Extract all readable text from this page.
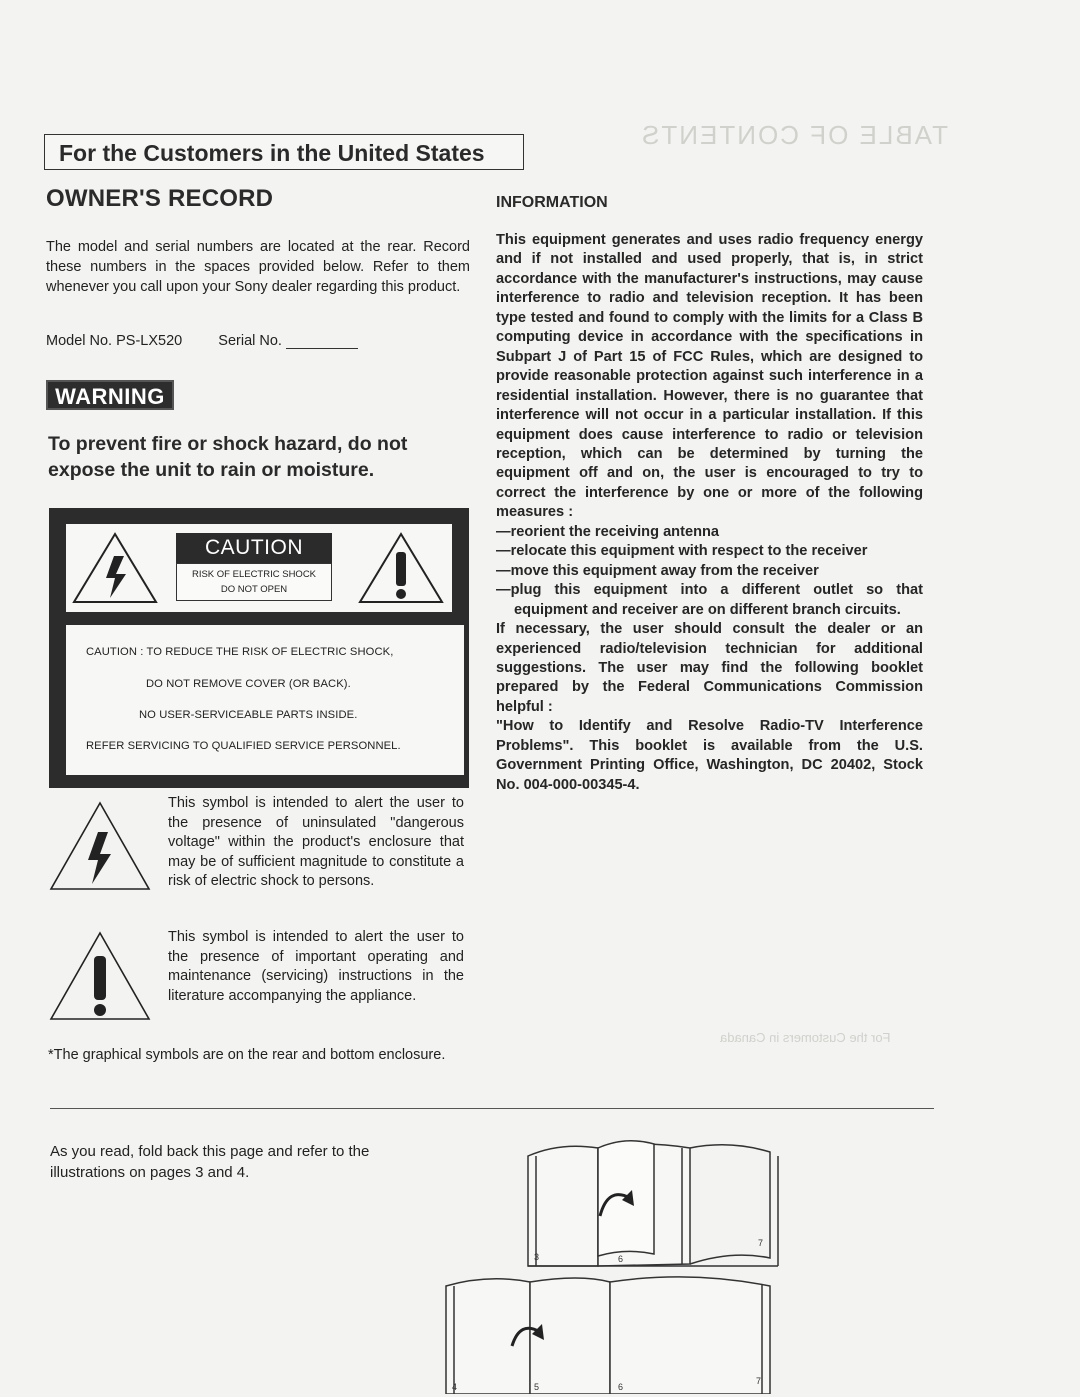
TABLE OF CONTENTS
For the Customers in Canada
For the Customers in the United States
OWNER'S RECORD
The model and serial numbers are located at the rear. Record these numbers in the spaces provided below. Refer to them whenever you call upon your Sony dealer regarding this product.
Model No. PS-LX520 Serial No.
WARNING
To prevent fire or shock hazard, do not expose the unit to rain or moisture.
CAUTION
RISK OF ELECTRIC SHOCK
DO NOT OPEN
CAUTION : TO REDUCE THE RISK OF ELECTRIC SHOCK,
DO NOT REMOVE COVER (OR BACK).
NO USER-SERVICEABLE PARTS INSIDE.
REFER SERVICING TO QUALIFIED SERVICE PERSONNEL.
This symbol is intended to alert the user to the presence of uninsulated "dangerous voltage" within the product's enclosure that may be of sufficient magnitude to constitute a risk of electric shock to persons.
This symbol is intended to alert the user to the presence of important operating and maintenance (servicing) instructions in the literature accompanying the appliance.
*The graphical symbols are on the rear and bottom enclosure.
As you read, fold back this page and refer to the illustrations on pages 3 and 4.
INFORMATION

This equipment generates and uses radio frequency energy and if not installed and used properly, that is, in strict accordance with the manufacturer's instructions, may cause interference to radio and television reception. It has been type tested and found to comply with the limits for a Class B computing device in accordance with the specifications in Subpart J of Part 15 of FCC Rules, which are designed to provide reasonable protection against such interference in a residential installation. However, there is no guarantee that interference will not occur in a particular installation. If this equipment does cause interference to radio or television reception, which can be determined by turning the equipment off and on, the user is encouraged to try to correct the interference by one or more of the following measures :

—reorient the receiving antenna

—relocate this equipment with respect to the receiver

—move this equipment away from the receiver

—plug this equipment into a different outlet so that equipment and receiver are on different branch circuits.

If necessary, the user should consult the dealer or an experienced radio/television technician for additional suggestions. The user may find the following booklet prepared by the Federal Communications Commission helpful :

"How to Identify and Resolve Radio-TV Interference Problems". This booklet is available from the U.S. Government Printing Office, Washington, DC 20402, Stock No. 004-000-00345-4.

3	6
7
4	5	6
7
